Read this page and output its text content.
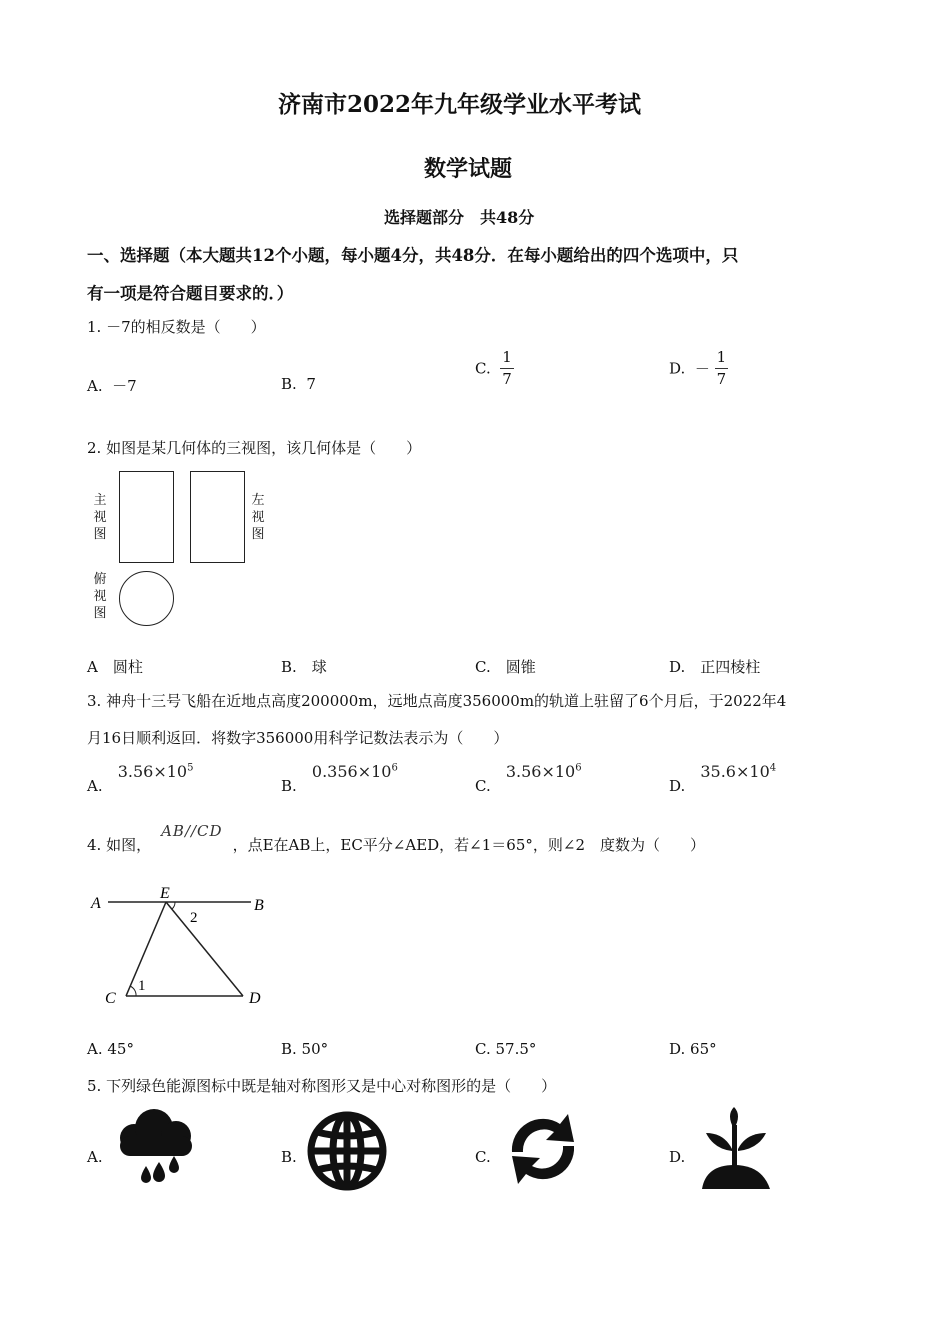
济南市2022年九年级学业水平考试
数学试题
选择题部分　共48分
一、选择题（本大题共12个小题，每小题4分，共48分．在每小题给出的四个选项中，只
有一项是符合题目要求的．）
1. －7的相反数是（　　）
A. －7	B. 7
C. $\frac{1}{7}$	D. － $\frac{1}{7}$
2. 如图是某几何体的三视图，该几何体是（　　）
主视图
左视图
俯视图
A　圆柱	B.　球	C.　圆锥	D.　正四棱柱
3. 神舟十三号飞船在近地点高度200000m，远地点高度356000m的轨道上驻留了6个月后，于2022年4
月16日顺利返回．将数字356000用科学记数法表示为（　　）
A. $3.56\times 10^5$
B. $0.356\times 10^6$
C. $3.56\times 10^6$
D. $35.6\times 10^4$
4. 如图，AB//CD，点E在AB上，EC平分∠AED，若∠1＝65°，则∠2　度数为（　　）
A
E
B
C	D
1
2
A. 45°	B. 50°	C. 57.5°	D. 65°
5. 下列绿色能源图标中既是轴对称图形又是中心对称图形的是（　　）
A.	B.	C.	D.
